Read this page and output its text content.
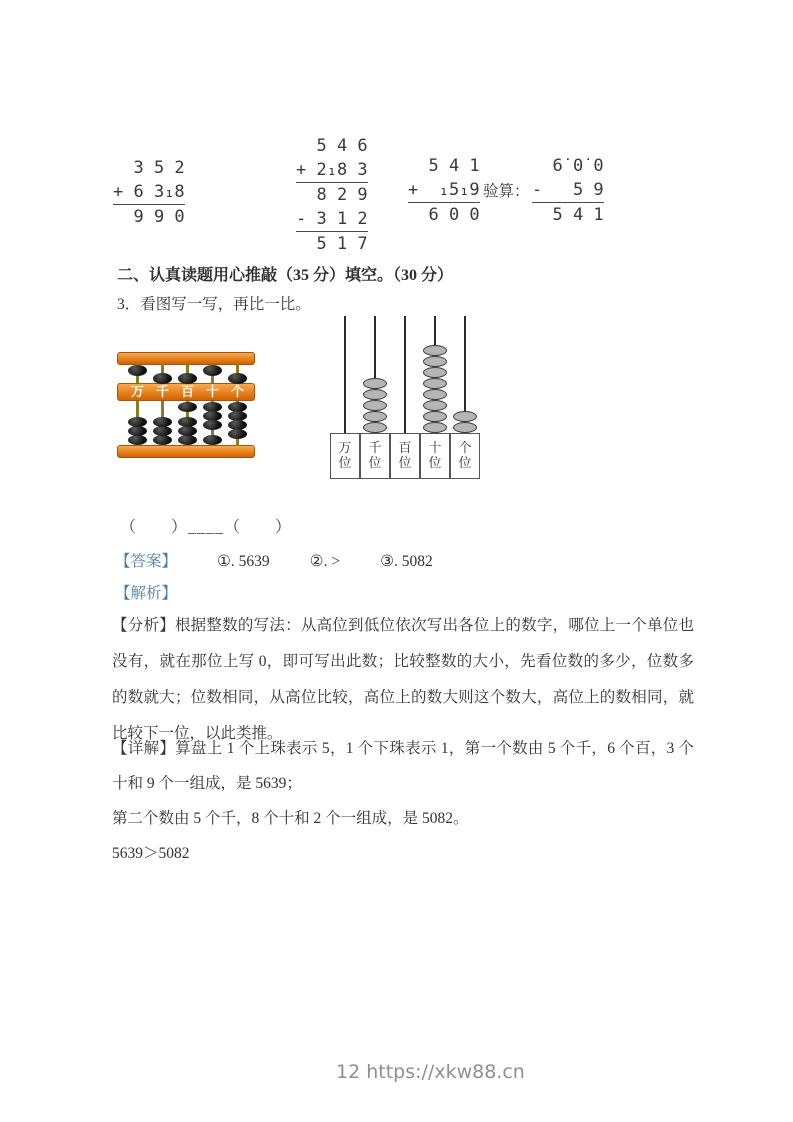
3 5 2
+ 6 3₁8
9 9 0
5 4 6
+ 2₁8 3
8 2 9
- 3 1 2
5 1 7
5 4 1
+  ₁5₁9
6 0 0
验算：
6̇ 0̇ 0
-   5 9
5 4 1
二、认真读题用心推敲（35 分）填空。（30 分）
3．看图写一写，再比一比。
万 千 百 十 个
万
位
千
位
百
位
十
位
个
位
（　　）____（　　）
【答案】	①. 5639	②. >	③. 5082
【解析】
【分析】根据整数的写法：从高位到低位依次写出各位上的数字，哪位上一个单位也没有，就在那位上写 0，即可写出此数；比较整数的大小，先看位数的多少，位数多的数就大；位数相同，从高位比较，高位上的数大则这个数大，高位上的数相同，就比较下一位，以此类推。
【详解】算盘上 1 个上珠表示 5，1 个下珠表示 1，第一个数由 5 个千，6 个百，3 个十和 9 个一组成，是 5639；
第二个数由 5 个千，8 个十和 2 个一组成，是 5082。
5639＞5082
12 https://xkw88.cn
